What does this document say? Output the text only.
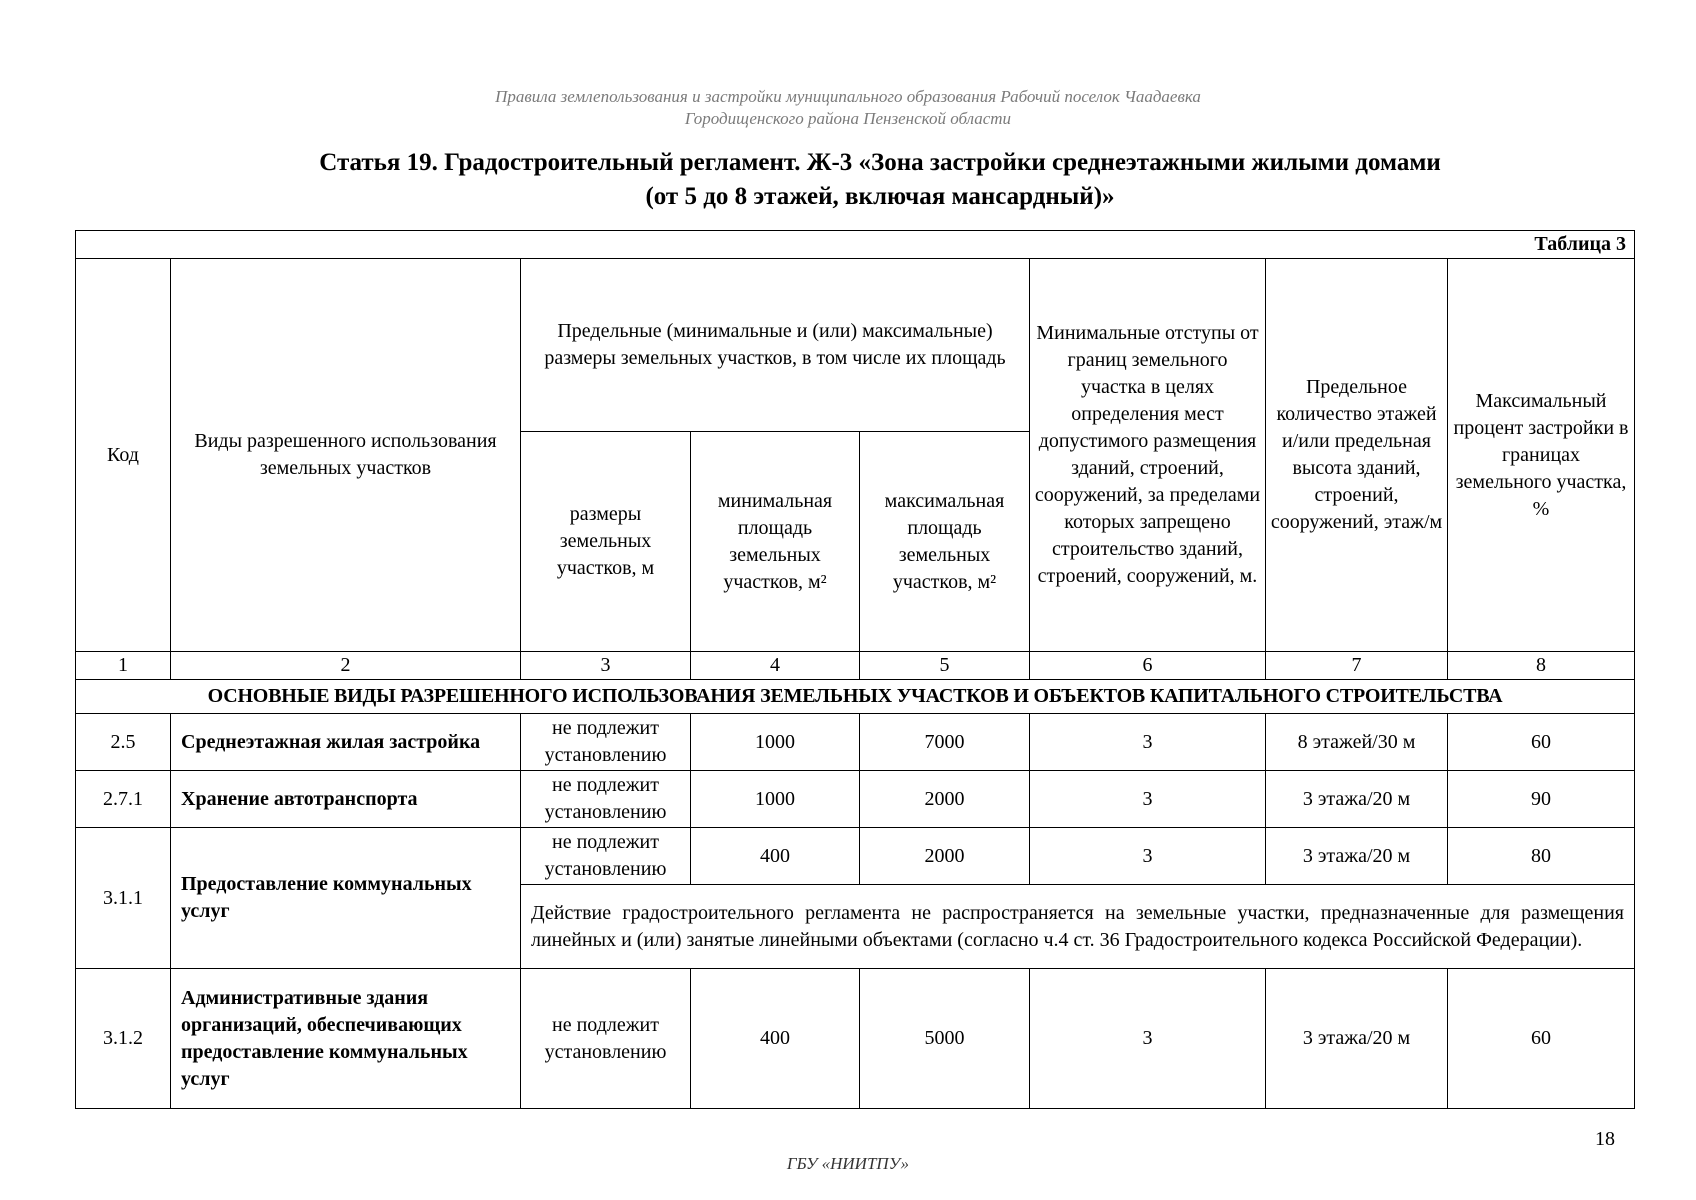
Правила землепользования и застройки муниципального образования Рабочий поселок Чаадаевка
Городищенского района Пензенской области
Статья 19. Градостроительный регламент. Ж-3 «Зона застройки среднеэтажными жилыми домами
(от 5 до 8 этажей, включая мансардный)»
Таблица 3							
Код	Виды разрешенного использования земельных участков	Предельные (минимальные и (или) максимальные) размеры земельных участков, в том числе их площадь			Минимальные отступы от границ земельного участка в целях определения мест допустимого размещения зданий, строений, сооружений, за пределами которых запрещено строительство зданий, строений, сооружений, м.	Предельное количество этажей и/или предельная высота зданий, строений, сооружений, этаж/м	Максимальный процент застройки в границах земельного участка, %
		размеры земельных участков, м	минимальная площадь земельных участков, м²	максимальная площадь земельных участков, м²			
1	2	3	4	5	6	7	8
ОСНОВНЫЕ ВИДЫ РАЗРЕШЕННОГО ИСПОЛЬЗОВАНИЯ ЗЕМЕЛЬНЫХ УЧАСТКОВ И ОБЪЕКТОВ КАПИТАЛЬНОГО СТРОИТЕЛЬСТВА							
2.5	Среднеэтажная жилая застройка	не подлежит установлению	1000	7000	3	8 этажей/30 м	60
2.7.1	Хранение автотранспорта	не подлежит установлению	1000	2000	3	3 этажа/20 м	90
3.1.1	Предоставление коммунальных услуг	не подлежит установлению	400	2000	3	3 этажа/20 м	80
		Действие градостроительного регламента не распространяется на земельные участки, предназначенные для размещения линейных и (или) занятые линейными объектами (согласно ч.4 ст. 36 Градостроительного кодекса Российской Федерации).					
3.1.2	Административные здания организаций, обеспечивающих предоставление коммунальных услуг	не подлежит установлению	400	5000	3	3 этажа/20 м	60
18
ГБУ «НИИТПУ»
